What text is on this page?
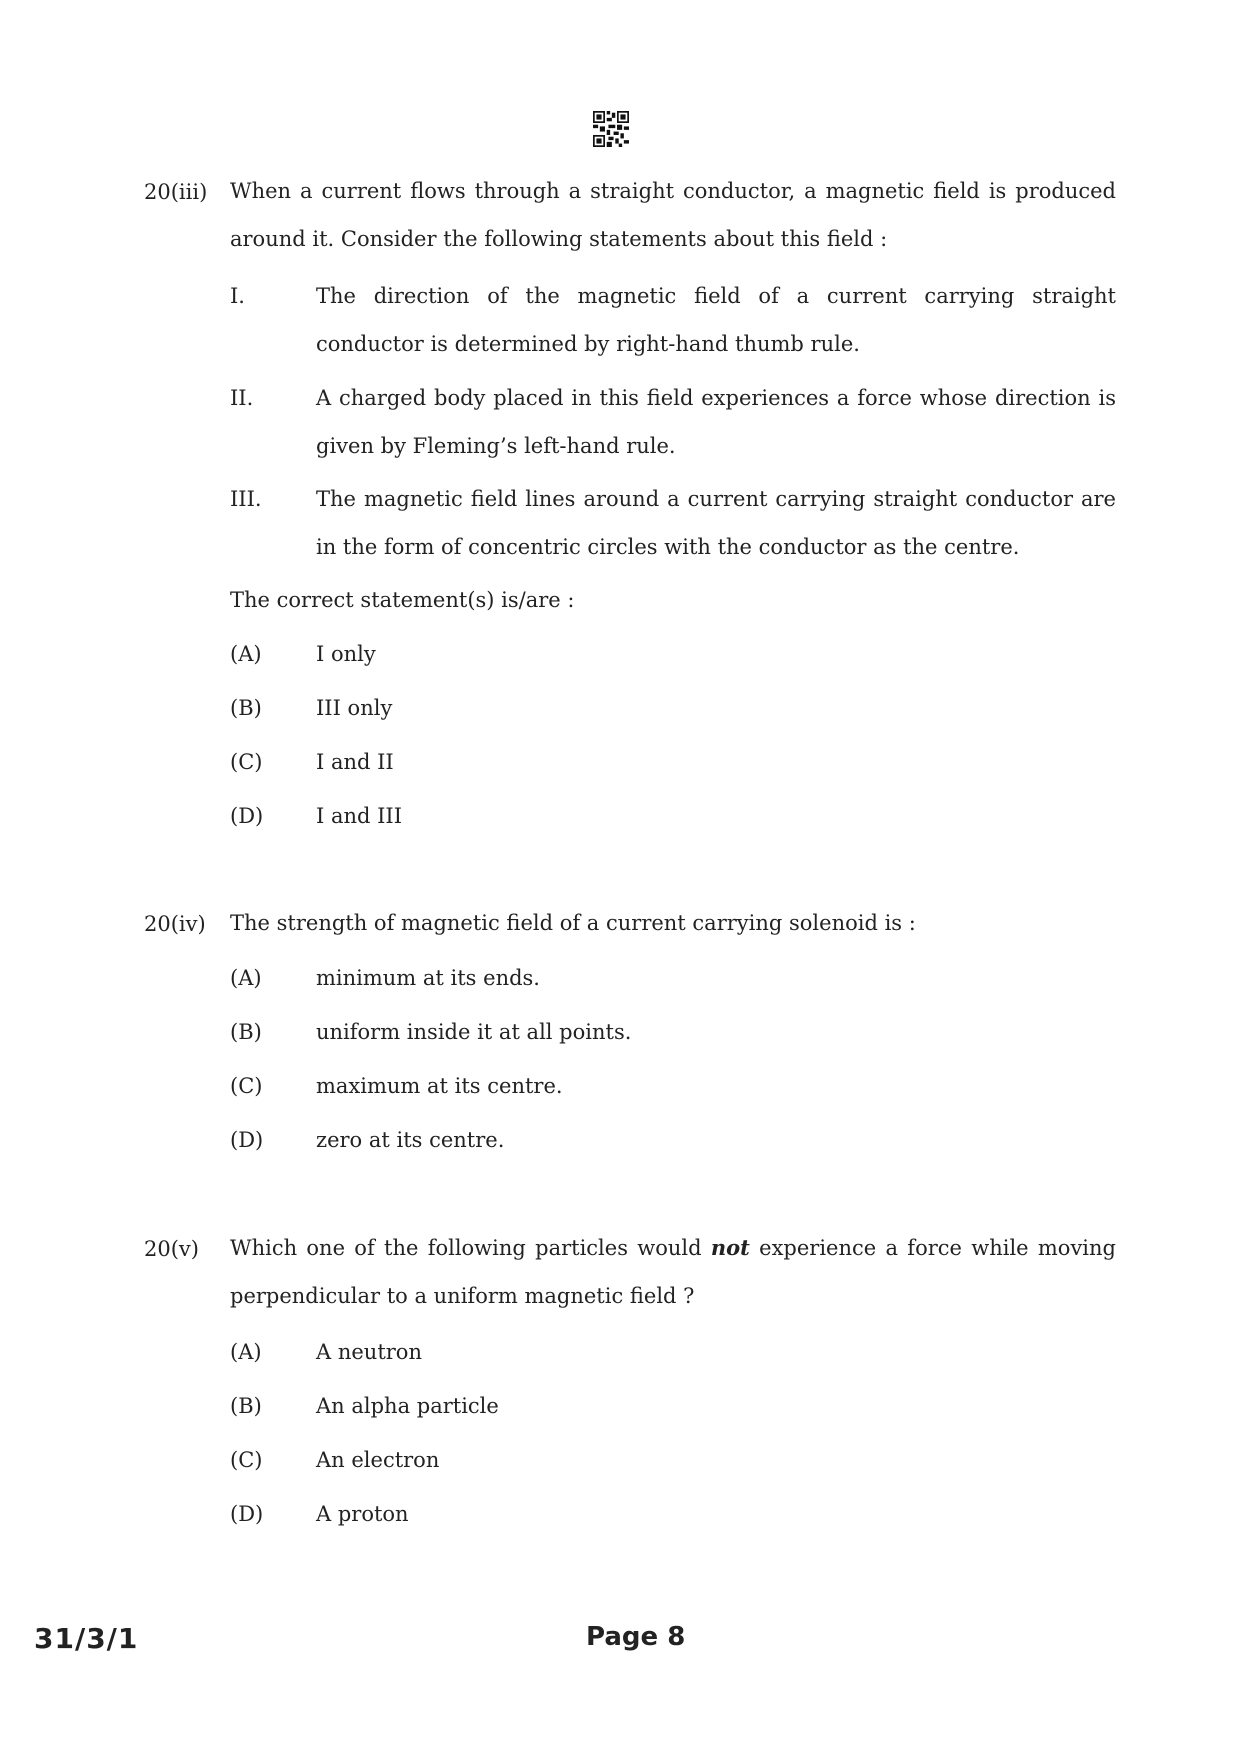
20(iii) When a current flows through a straight conductor, a magnetic field is produced around it. Consider the following statements about this field :
I.	The direction of the magnetic field of a current carrying straight conductor is determined by right-hand thumb rule.
II.	A charged body placed in this field experiences a force whose direction is given by Fleming’s left-hand rule.
III.	The magnetic field lines around a current carrying straight conductor are in the form of concentric circles with the conductor as the centre.
The correct statement(s) is/are :
(A)	I only
(B)	III only
(C)	I and II
(D)	I and III
20(iv) The strength of magnetic field of a current carrying solenoid is :
(A)	minimum at its ends.
(B)	uniform inside it at all points.
(C)	maximum at its centre.
(D)	zero at its centre.
20(v) Which one of the following particles would not experience a force while moving perpendicular to a uniform magnetic field ?
(A)	A neutron
(B)	An alpha particle
(C)	An electron
(D)	A proton
31/3/1	Page 8
